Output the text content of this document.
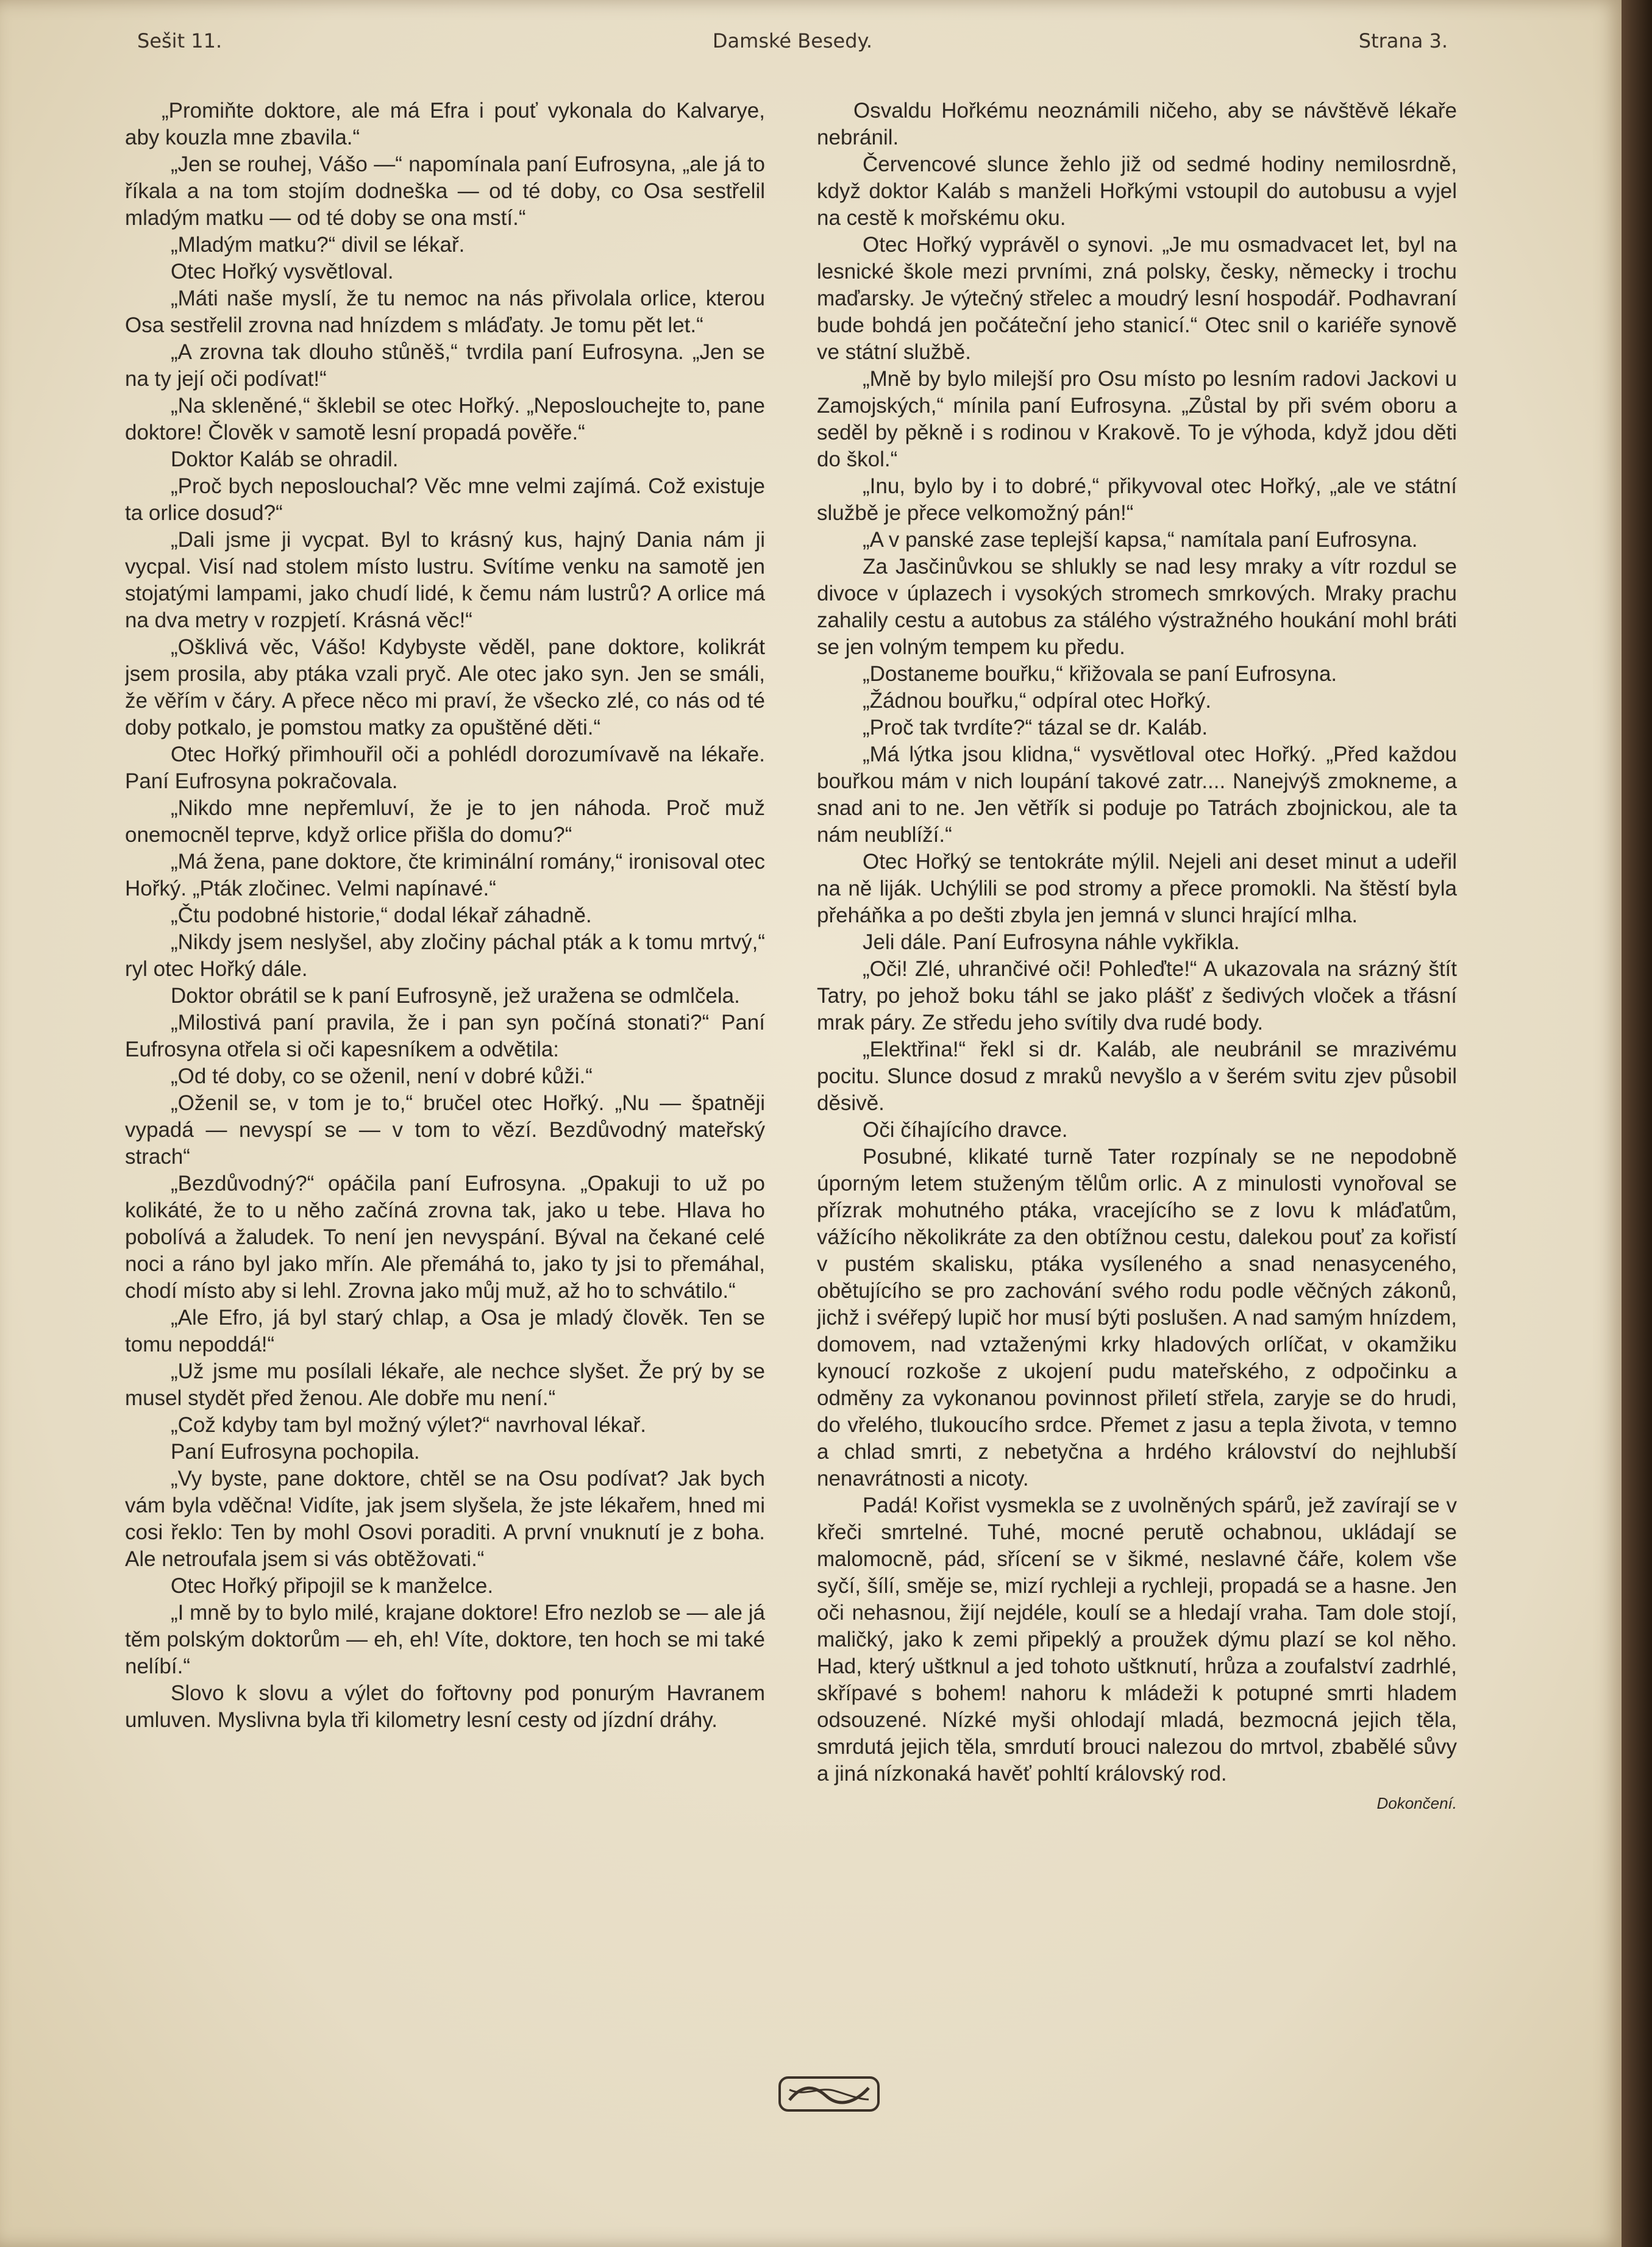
Sešit 11.	Damské Besedy.	Strana 3.

„Promiňte doktore, ale má Efra i pouť vykonala do Kalvarye, aby kouzla mne zbavila.“

„Jen se rouhej, Vášo —“ napomínala paní Eufrosyna, „ale já to říkala a na tom stojím dodneška — od té doby, co Osa sestřelil mladým matku — od té doby se ona mstí.“

„Mladým matku?“ divil se lékař.

Otec Hořký vysvětloval.

„Máti naše myslí, že tu nemoc na nás přivolala orlice, kterou Osa sestřelil zrovna nad hnízdem s mláďaty. Je tomu pět let.“

„A zrovna tak dlouho stůněš,“ tvrdila paní Eufrosyna. „Jen se na ty její oči podívat!“

„Na skleněné,“ šklebil se otec Hořký. „Neposlouchejte to, pane doktore! Člověk v samotě lesní propadá pověře.“

Doktor Kaláb se ohradil.

„Proč bych neposlouchal? Věc mne velmi zajímá. Což existuje ta orlice dosud?“

„Dali jsme ji vycpat. Byl to krásný kus, hajný Dania nám ji vycpal. Visí nad stolem místo lustru. Svítíme venku na samotě jen stojatými lampami, jako chudí lidé, k čemu nám lustrů? A orlice má na dva metry v rozpjetí. Krásná věc!“

„Ošklivá věc, Vášo! Kdybyste věděl, pane doktore, kolikrát jsem prosila, aby ptáka vzali pryč. Ale otec jako syn. Jen se smáli, že věřím v čáry. A přece něco mi praví, že všecko zlé, co nás od té doby potkalo, je pomstou matky za opuštěné děti.“

Otec Hořký přimhouřil oči a pohlédl dorozumívavě na lékaře. Paní Eufrosyna pokračovala.

„Nikdo mne nepřemluví, že je to jen náhoda. Proč muž onemocněl teprve, když orlice přišla do domu?“

„Má žena, pane doktore, čte kriminální romány,“ ironisoval otec Hořký. „Pták zločinec. Velmi napínavé.“

„Čtu podobné historie,“ dodal lékař záhadně.

„Nikdy jsem neslyšel, aby zločiny páchal pták a k tomu mrtvý,“ ryl otec Hořký dále.

Doktor obrátil se k paní Eufrosyně, jež uražena se odmlčela.

„Milostivá paní pravila, že i pan syn počíná stonati?“ Paní Eufrosyna otřela si oči kapesníkem a odvětila:

„Od té doby, co se oženil, není v dobré kůži.“

„Oženil se, v tom je to,“ bručel otec Hořký. „Nu — špatněji vypadá — nevyspí se — v tom to vězí. Bezdůvodný mateřský strach“

„Bezdůvodný?“ opáčila paní Eufrosyna. „Opakuji to už po kolikáté, že to u něho začíná zrovna tak, jako u tebe. Hlava ho pobolívá a žaludek. To není jen nevyspání. Býval na čekané celé noci a ráno byl jako mřín. Ale přemáhá to, jako ty jsi to přemáhal, chodí místo aby si lehl. Zrovna jako můj muž, až ho to schvátilo.“

„Ale Efro, já byl starý chlap, a Osa je mladý člověk. Ten se tomu nepoddá!“

„Už jsme mu posílali lékaře, ale nechce slyšet. Že prý by se musel stydět před ženou. Ale dobře mu není.“

„Což kdyby tam byl možný výlet?“ navrhoval lékař.

Paní Eufrosyna pochopila.

„Vy byste, pane doktore, chtěl se na Osu podívat? Jak bych vám byla vděčna! Vidíte, jak jsem slyšela, že jste lékařem, hned mi cosi řeklo: Ten by mohl Osovi poraditi. A první vnuknutí je z boha. Ale netroufala jsem si vás obtěžovati.“

Otec Hořký připojil se k manželce.

„I mně by to bylo milé, krajane doktore! Efro nezlob se — ale já těm polským doktorům — eh, eh! Víte, doktore, ten hoch se mi také nelíbí.“

Slovo k slovu a výlet do fořtovny pod ponurým Havranem umluven. Myslivna byla tři kilometry lesní cesty od jízdní dráhy.

Osvaldu Hořkému neoznámili ničeho, aby se návštěvě lékaře nebránil.

Červencové slunce žehlo již od sedmé hodiny nemilosrdně, když doktor Kaláb s manželi Hořkými vstoupil do autobusu a vyjel na cestě k mořskému oku.

Otec Hořký vyprávěl o synovi. „Je mu osmadvacet let, byl na lesnické škole mezi prvními, zná polsky, česky, německy i trochu maďarsky. Je výtečný střelec a moudrý lesní hospodář. Podhavraní bude bohdá jen počáteční jeho stanicí.“ Otec snil o kariéře synově ve státní službě.

„Mně by bylo milejší pro Osu místo po lesním radovi Jackovi u Zamojských,“ mínila paní Eufrosyna. „Zůstal by při svém oboru a seděl by pěkně i s rodinou v Krakově. To je výhoda, když jdou děti do škol.“

„Inu, bylo by i to dobré,“ přikyvoval otec Hořký, „ale ve státní službě je přece velkomožný pán!“

„A v panské zase teplejší kapsa,“ namítala paní Eufrosyna.

Za Jasčinůvkou se shlukly se nad lesy mraky a vítr rozdul se divoce v úplazech i vysokých stromech smrkových. Mraky prachu zahalily cestu a autobus za stálého výstražného houkání mohl bráti se jen volným tempem ku předu.

„Dostaneme bouřku,“ křižovala se paní Eufrosyna.

„Žádnou bouřku,“ odpíral otec Hořký.

„Proč tak tvrdíte?“ tázal se dr. Kaláb.

„Má lýtka jsou klidna,“ vysvětloval otec Hořký. „Před každou bouřkou mám v nich loupání takové zatr.... Nanejvýš zmokneme, a snad ani to ne. Jen větřík si poduje po Tatrách zbojnickou, ale ta nám neublíží.“

Otec Hořký se tentokráte mýlil. Nejeli ani deset minut a udeřil na ně liják. Uchýlili se pod stromy a přece promokli. Na štěstí byla přeháňka a po dešti zbyla jen jemná v slunci hrající mlha.

Jeli dále. Paní Eufrosyna náhle vykřikla.

„Oči! Zlé, uhrančivé oči! Pohleďte!“ A ukazovala na srázný štít Tatry, po jehož boku táhl se jako plášť z šedivých vloček a třásní mrak páry. Ze středu jeho svítily dva rudé body.

„Elektřina!“ řekl si dr. Kaláb, ale neubránil se mrazivému pocitu. Slunce dosud z mraků nevyšlo a v šerém svitu zjev působil děsivě.

Oči číhajícího dravce.

Posubné, klikaté turně Tater rozpínaly se ne nepodobně úporným letem stuženým tělům orlic. A z minulosti vynořoval se přízrak mohutného ptáka, vracejícího se z lovu k mláďatům, vážícího několikráte za den obtížnou cestu, dalekou pouť za kořistí v pustém skalisku, ptáka vysíleného a snad nenasyceného, obětujícího se pro zachování svého rodu podle věčných zákonů, jichž i svéřepý lupič hor musí býti poslušen. A nad samým hnízdem, domovem, nad vztaženými krky hladových orlíčat, v okamžiku kynoucí rozkoše z ukojení pudu mateřského, z odpočinku a odměny za vykonanou povinnost přiletí střela, zaryje se do hrudi, do vřelého, tlukoucího srdce. Přemet z jasu a tepla života, v temno a chlad smrti, z nebetyčna a hrdého království do nejhlubší nenavrátnosti a nicoty.

Padá! Kořist vysmekla se z uvolněných spárů, jež zavírají se v křeči smrtelné. Tuhé, mocné perutě ochabnou, ukládají se malomocně, pád, sřícení se v šikmé, neslavné čáře, kolem vše syčí, šílí, směje se, mizí rychleji a rychleji, propadá se a hasne. Jen oči nehasnou, žijí nejdéle, koulí se a hledají vraha. Tam dole stojí, maličký, jako k zemi připeklý a proužek dýmu plazí se kol něho. Had, který uštknul a jed tohoto uštknutí, hrůza a zoufalství zadrhlé, skřípavé s bohem! nahoru k mládeži k potupné smrti hladem odsouzené. Nízké myši ohlodají mladá, bezmocná jejich těla, smrdutá jejich těla, smrdutí brouci nalezou do mrtvol, zbabělé sůvy a jiná nízkonaká havěť pohltí královský rod.

Dokončení.
